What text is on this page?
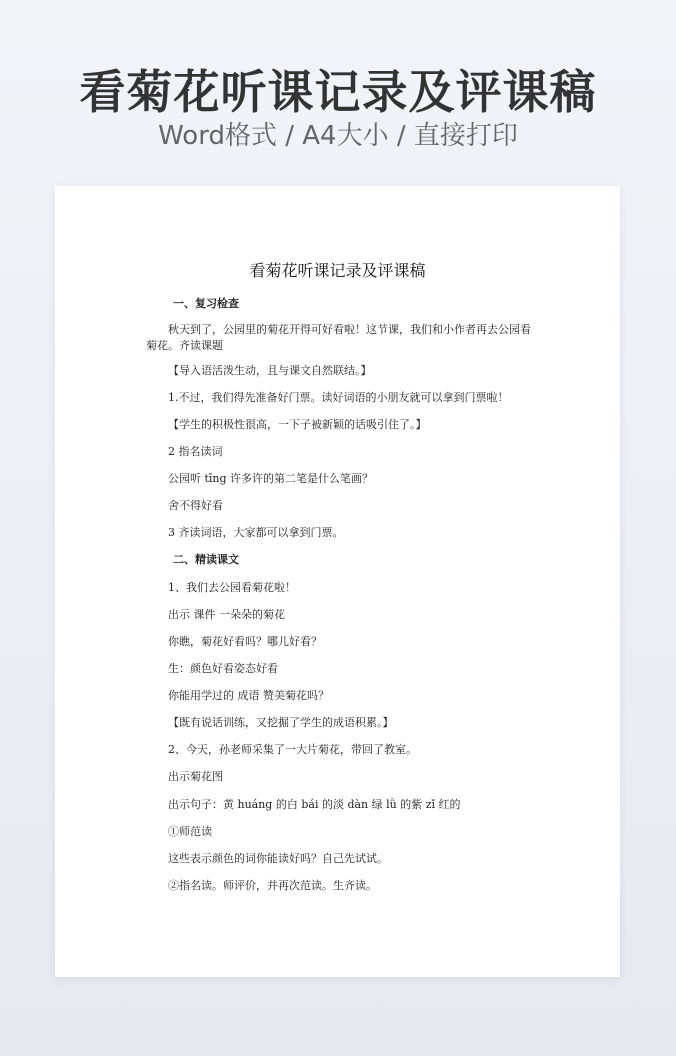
看菊花听课记录及评课稿
Word格式 / A4大小 / 直接打印
看菊花听课记录及评课稿
一、复习检查
秋天到了，公园里的菊花开得可好看啦！这节课，我们和小作者再去公园看菊花。齐读课题
【导入语活泼生动，且与课文自然联结。】
1.不过，我们得先准备好门票。读好词语的小朋友就可以拿到门票啦！
【学生的积极性很高，一下子被新颖的话吸引住了。】
2 指名读词
公园听 tīng 许多许的第二笔是什么笔画？
舍不得好看
3 齐读词语，大家都可以拿到门票。
二、精读课文
1、我们去公园看菊花啦！
出示 课件 一朵朵的菊花
你瞧，菊花好看吗？哪儿好看？
生：颜色好看姿态好看
你能用学过的 成语 赞美菊花吗？
【既有说话训练，又挖掘了学生的成语积累。】
2、今天，孙老师采集了一大片菊花，带回了教室。
出示菊花图
出示句子：黄 huáng 的白 bái 的淡 dàn 绿 lǜ 的紫 zǐ 红的
①师范读
这些表示颜色的词你能读好吗？自己先试试。
②指名读。师评价，并再次范读。生齐读。
